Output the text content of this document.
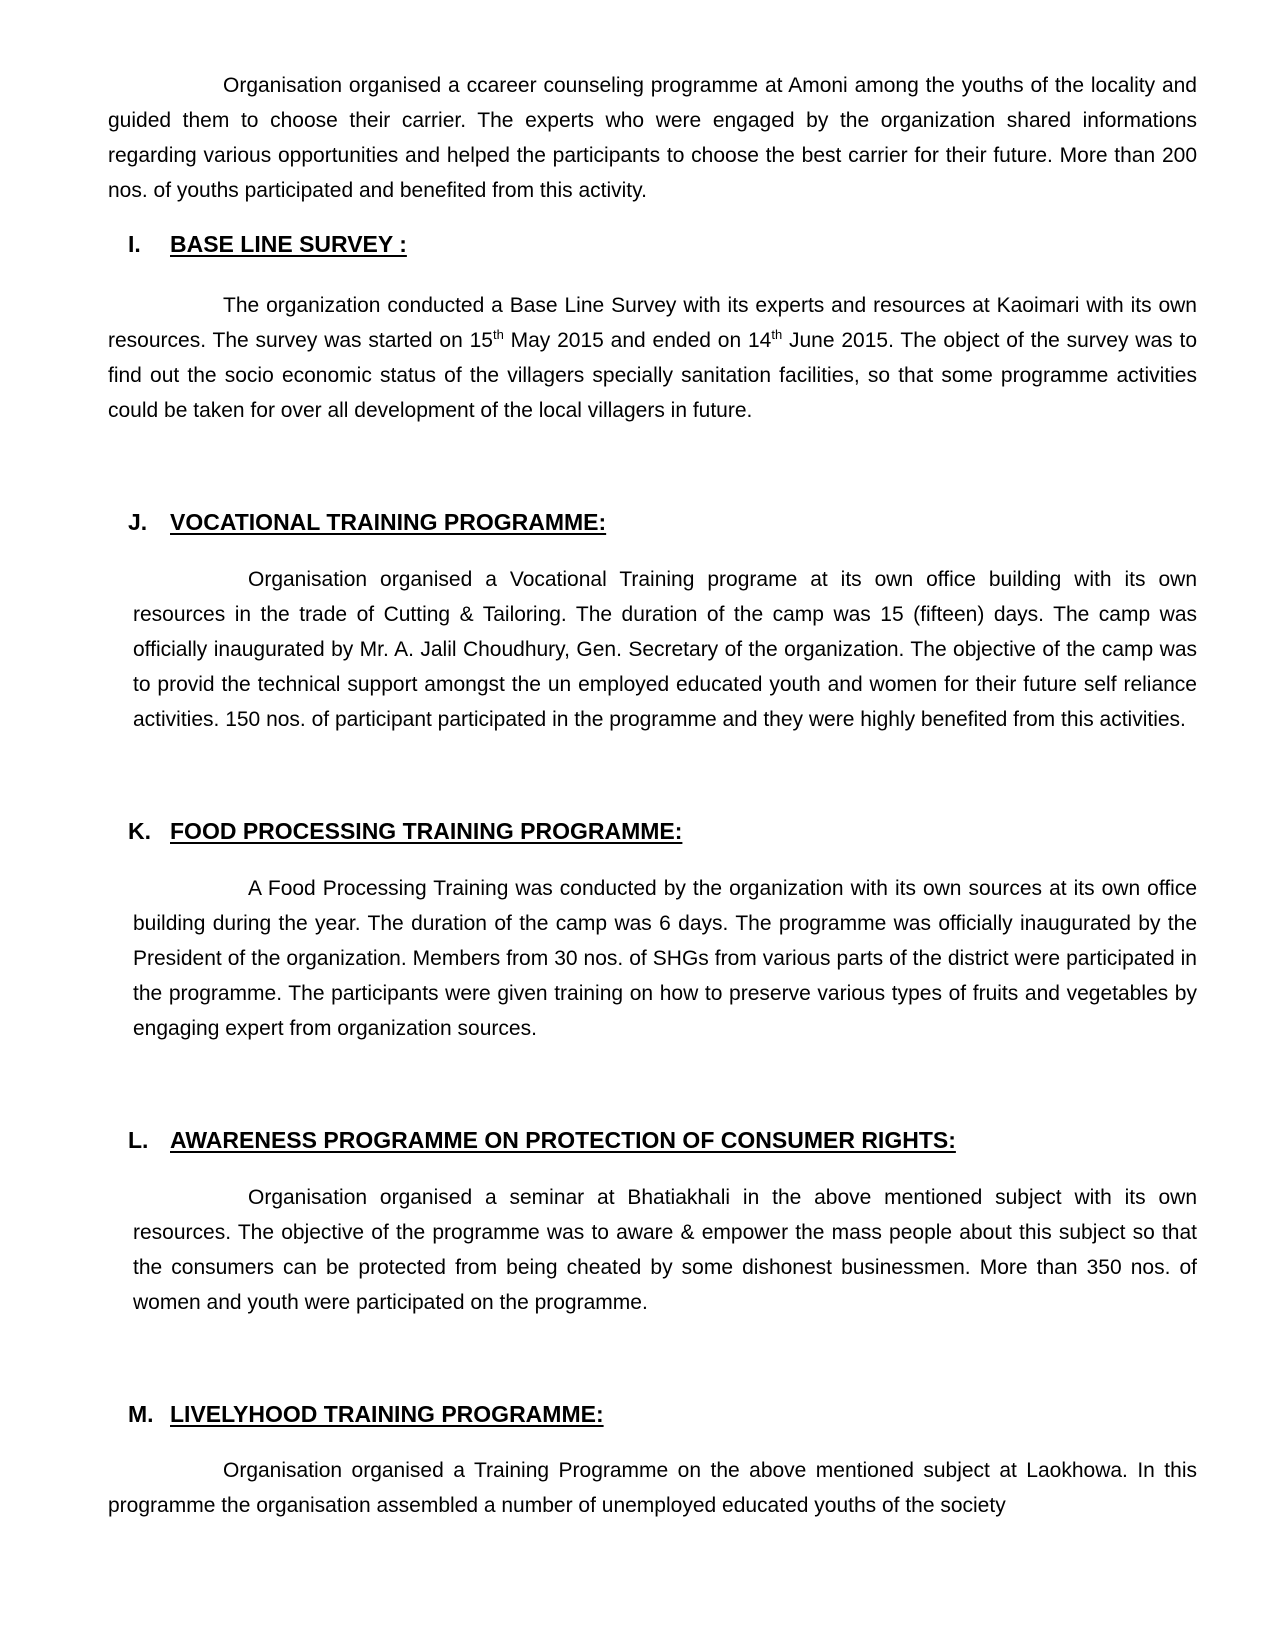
Organisation organised a ccareer counseling programme at Amoni among the youths of the locality and guided them to choose their carrier. The experts who were engaged by the organization shared informations regarding various opportunities and helped the participants to choose the best carrier for their future. More than 200 nos. of youths participated and benefited from this activity.

I.	BASE LINE SURVEY :

The organization conducted a Base Line Survey with its experts and resources at Kaoimari with its own resources. The survey was started on 15th May 2015 and ended on 14th June 2015. The object of the survey was to find out the socio economic status of the villagers specially sanitation facilities, so that some programme activities could be taken for over all development of the local villagers in future.

J. VOCATIONAL TRAINING PROGRAMME:

Organisation organised a Vocational Training programe at its own office building with its own resources in the trade of Cutting & Tailoring. The duration of the camp was 15 (fifteen) days. The camp was officially inaugurated by Mr. A. Jalil Choudhury, Gen. Secretary of the organization. The objective of the camp was to provid the technical support amongst the un employed educated youth and women for their future self reliance activities. 150 nos. of participant participated in the programme and they were highly benefited from this activities.

K. FOOD PROCESSING TRAINING PROGRAMME:

A Food Processing Training was conducted by the organization with its own sources at its own office building during the year. The duration of the camp was 6 days. The programme was officially inaugurated by the President of the organization. Members from 30 nos. of SHGs from various parts of the district were participated in the programme. The participants were given training on how to preserve various types of fruits and vegetables by engaging expert from organization sources.

L. AWARENESS PROGRAMME ON PROTECTION OF CONSUMER RIGHTS:

Organisation organised a seminar at Bhatiakhali in the above mentioned subject with its own resources. The objective of the programme was to aware & empower the mass people about this subject so that the consumers can be protected from being cheated by some dishonest businessmen. More than 350 nos. of women and youth were participated on the programme.

M. LIVELYHOOD TRAINING PROGRAMME:

Organisation organised a Training Programme on the above mentioned subject at Laokhowa. In this programme the organisation assembled a number of unemployed educated youths of the society
